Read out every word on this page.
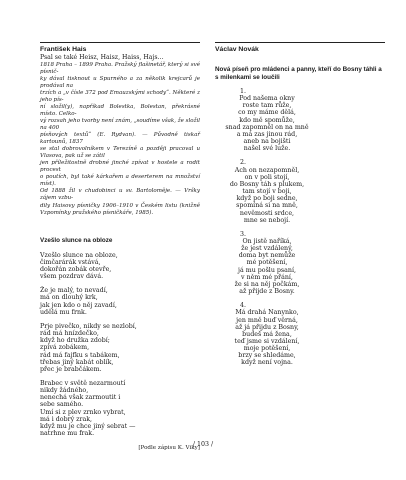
František Hais
Psal se také Heisz, Haisz, Haiss, Hajs…
1818 Praha – 1899 Praha. Pražský flašinetář, který si své písnič-
ky dával tisknout u Spurného a za několik krejcarů je prodával na
trzích a „v čísle 372 pod Emauzskými schody“. Některé z jeho pís-
ní složil(y), napříkad Bolestka, Bolestan, překrásné místo. Celko-
vý rozsah jeho tvorby není znám, „soudíme však, že složil na 400
písňových textů“ (E. Rydvan). — Původně tiskař kartounů, 1837
se stal dobrovolníkem v Terezíně a později pracoval u Vlasova, pak už se zátil
jen příležitostně drobné jinché zpívat v hostele a rodit procest
o poutích, byl také kárkařem a deserterem na množství míst).
Od 1888 žil v chudobinci u sv. Bartoloměje. — Vršky zájem vzbu-
dily Haisovy písničky 1906–1910 v Českém listu (knižně Vzpomínky pražského písničkáře, 1985).
Vzešlo slunce na obloze
Vzešlo slunce na obloze,
čimčarárák vstává,
dokořán zobák otevře,
všem pozdrav dává.
Že je malý, to nevadí,
má on dlouhý krk,
jak jen kdo o něj zavadí,
udělá mu frnk.
Prje pivečko, nikdy se nezlobí,
rád má hnízdečko,
když ho družka zdobí;
zpívá zobákem,
rád má fajfku s tabákem,
třebas jiný kabát oblík,
přec je brabčákem.
Brabec v světě nezarmoutí
nikdy žádného,
nenechá však zarmoutit i
sebe samého.
Umí si z plev zrnko vybrat,
má i dobrý zrak,
když mu je chce jiný sebrat —
natrhne mu frak.
[Podle zápisu K. Viky]
Václav Novák
Nová píseň pro mládenci a panny, kteří do Bosny táhli a s milenkami se loučili
1.
Pod našema okny
roste tam růže,
co my máme dělá,
kdo mě spomůže,
snad zapomněl on na mně
a má zas jinou rád,
aneb na bojišti
našel své luže.
2.
Ach on nezapomněl,
on v poli stojí,
do Bosny táh s plukem,
tam stojí v boji,
když po boji sedne,
spomíná si na mně,
nevěmosti srdce,
mne se nebojí.
3.
On jistě naříká,
že jest vzdálený,
doma byt nemůže
mé potěšení,
já mu pošlu psaní,
v něm mé přání,
že si na něj počkám,
až přijde z Bosny.
4.
Má drahá Nanynko,
jen mně buď věrná,
až já přijdu z Bosny,
budeš má žena,
teď jsme si vzdálení,
moje potěšení,
brzy se shledáme,
když není vojna.
/ 103 /
